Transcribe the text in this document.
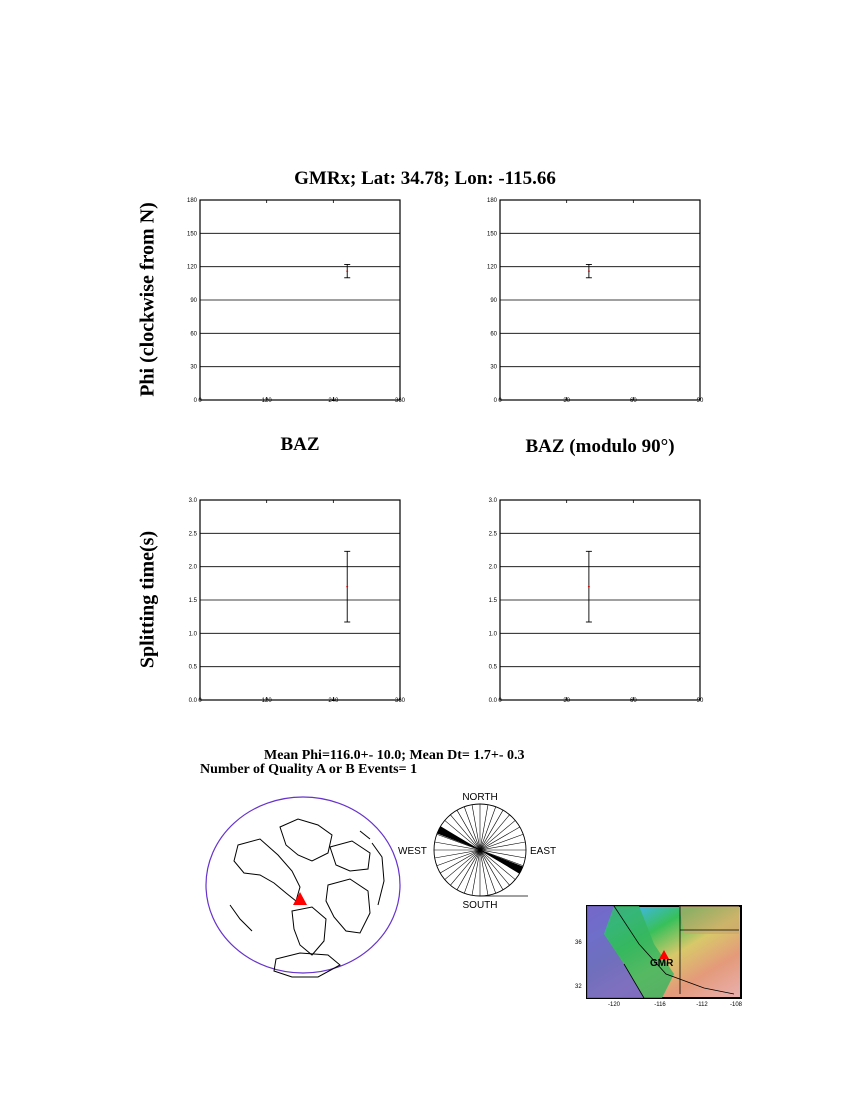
GMRx; Lat: 34.78; Lon: -115.66
Phi (clockwise from N)
Splitting time(s)
BAZ	BAZ (modulo 90°)
0
30
60
90
120
150
180
0	120	240	360	0
30
60
90
120
150
180
0	30	60	90
0.0
0.5
1.0
1.5
2.0
2.5
3.0
0	120	240	360	0.0
0.5
1.0
1.5
2.0
2.5
3.0
0	30	60	90
Mean Phi=116.0+- 10.0; Mean Dt= 1.7+- 0.3
Number of Quality A or B Events= 1
NORTH
SOUTH
WEST	EAST
GMR
36
32
-120	-116	-112	-108
